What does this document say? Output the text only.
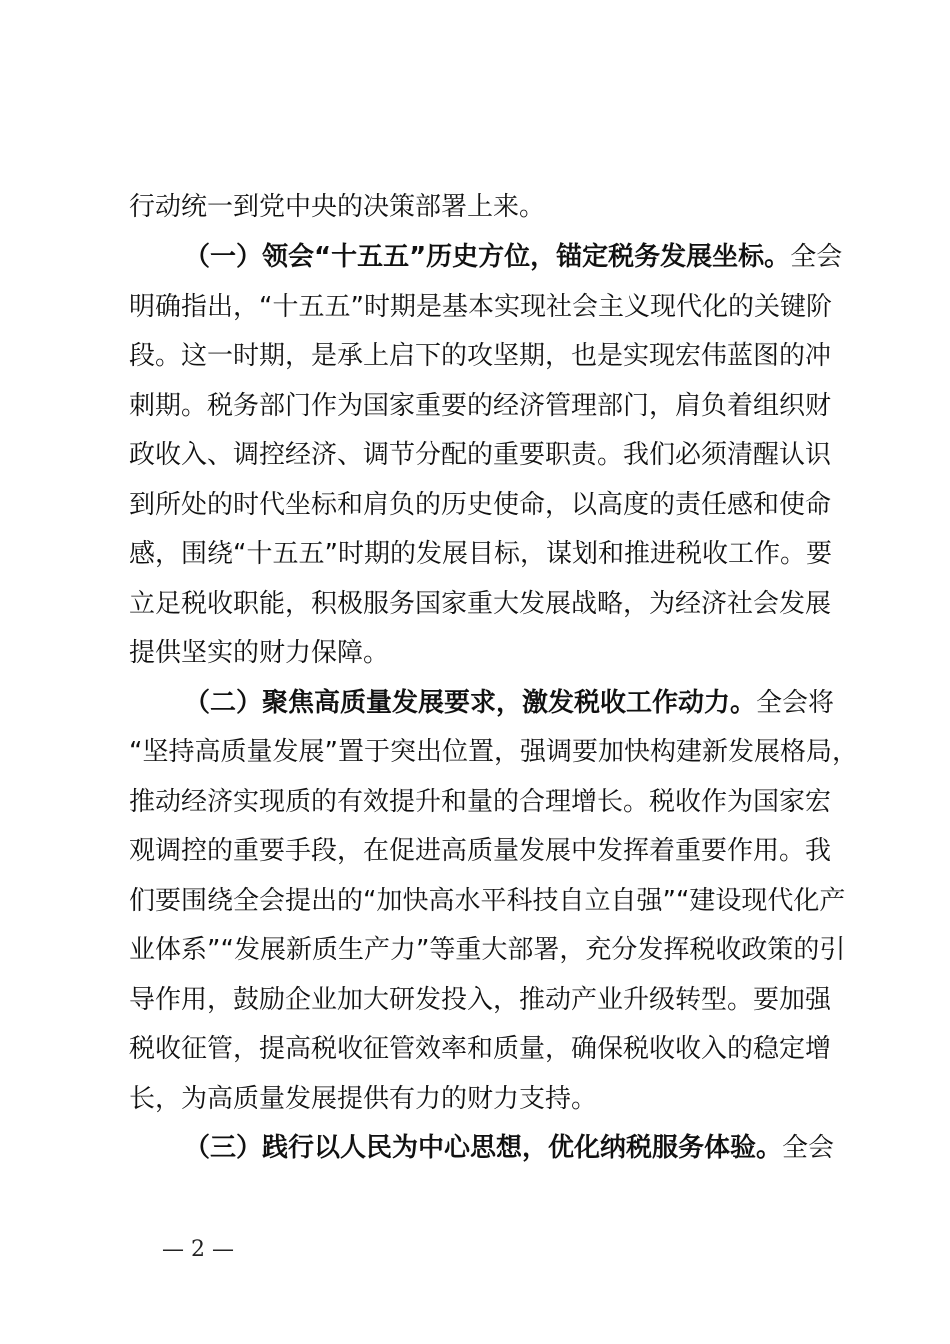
行动统一到党中央的决策部署上来。
（一）领会“十五五”历史方位，锚定税务发展坐标。全会
明确指出，“十五五”时期是基本实现社会主义现代化的关键阶
段。这一时期，是承上启下的攻坚期，也是实现宏伟蓝图的冲
刺期。税务部门作为国家重要的经济管理部门，肩负着组织财
政收入、调控经济、调节分配的重要职责。我们必须清醒认识
到所处的时代坐标和肩负的历史使命，以高度的责任感和使命
感，围绕“十五五”时期的发展目标，谋划和推进税收工作。要
立足税收职能，积极服务国家重大发展战略，为经济社会发展
提供坚实的财力保障。
（二）聚焦高质量发展要求，激发税收工作动力。全会将
“坚持高质量发展”置于突出位置，强调要加快构建新发展格局，
推动经济实现质的有效提升和量的合理增长。税收作为国家宏
观调控的重要手段，在促进高质量发展中发挥着重要作用。我
们要围绕全会提出的“加快高水平科技自立自强”“建设现代化产
业体系”“发展新质生产力”等重大部署，充分发挥税收政策的引
导作用，鼓励企业加大研发投入，推动产业升级转型。要加强
税收征管，提高税收征管效率和质量，确保税收收入的稳定增
长，为高质量发展提供有力的财力支持。
（三）践行以人民为中心思想，优化纳税服务体验。全会
— 2 —
